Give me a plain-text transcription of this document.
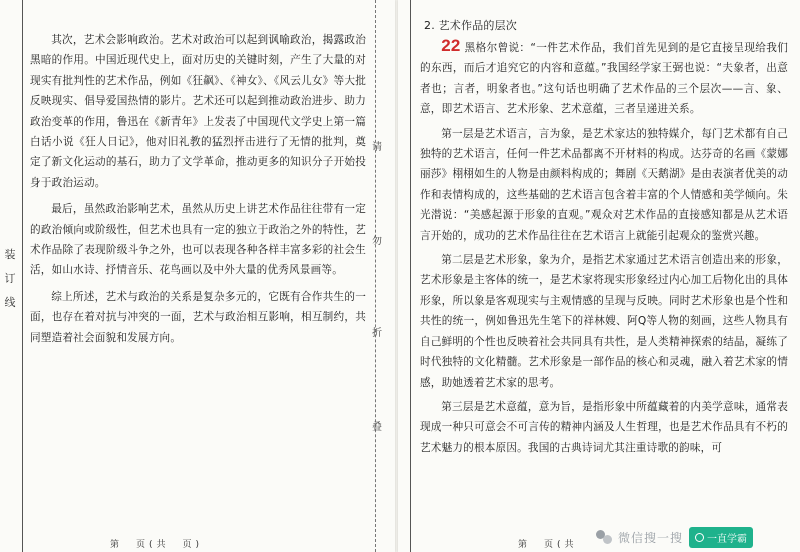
装
订
线

其次，艺术会影响政治。艺术对政治可以起到讽喻政治，揭露政治黑暗的作用。中国近现代史上，面对历史的关键时刻，产生了大量的对现实有批判性的艺术作品，例如《狂飙》、《神女》、《风云儿女》等大批反映现实、倡导爱国热情的影片。艺术还可以起到推动政治进步、助力政治变革的作用，鲁迅在《新青年》上发表了中国现代文学史上第一篇白话小说《狂人日记》，他对旧礼教的猛烈抨击进行了无情的批判，奠定了新文化运动的基石，助力了文学革命，推动更多的知识分子开始投身于政治运动。

最后，虽然政治影响艺术，虽然从历史上讲艺术作品往往带有一定的政治倾向或阶级性，但艺术也具有一定的独立于政治之外的特性，艺术作品除了表现阶级斗争之外，也可以表现各种各样丰富多彩的社会生活，如山水诗、抒情音乐、花鸟画以及中外大量的优秀风景画等。

综上所述，艺术与政治的关系是复杂多元的，它既有合作共生的一面，也存在着对抗与冲突的一面，艺术与政治相互影响，相互制约，共同塑造着社会面貌和发展方向。

第　页(共　页)
请
勿
折
叠
2. 艺术作品的层次

22 黑格尔曾说：“一件艺术作品，我们首先见到的是它直接呈现给我们的东西，而后才追究它的内容和意蕴。”我国经学家王弼也说：“夫象者，出意者也；言者，明象者也。”这句话也明确了艺术作品的三个层次——言、象、意，即艺术语言、艺术形象、艺术意蕴，三者呈递进关系。

第一层是艺术语言，言为象，是艺术家达的独特媒介，每门艺术都有自己独特的艺术语言，任何一件艺术品都离不开材料的构成。达芬奇的名画《蒙娜丽莎》栩栩如生的人物是由颜料构成的；舞剧《天鹅湖》是由表演者优美的动作和表情构成的，这些基础的艺术语言包含着丰富的个人情感和美学倾向。朱光潜说：“美感起源于形象的直观。”观众对艺术作品的直接感知都是从艺术语言开始的，成功的艺术作品往往在艺术语言上就能引起观众的鉴赏兴趣。

第二层是艺术形象，象为介，是指艺术家通过艺术语言创造出来的形象，艺术形象是主客体的统一，是艺术家将现实形象经过内心加工后物化出的具体形象，所以象是客观现实与主观情感的呈现与反映。同时艺术形象也是个性和共性的统一，例如鲁迅先生笔下的祥林嫂、阿Q等人物的刻画，这些人物具有自己鲜明的个性也反映着社会共同具有共性，是人类精神探索的结晶，凝练了时代独特的文化精髓。艺术形象是一部作品的核心和灵魂，融入着艺术家的情感，助她透着艺术家的思考。

第三层是艺术意蕴，意为旨，是指形象中所蕴藏着的内美学意味，通常表现成一种只可意会不可言传的精神内涵及人生哲理，也是艺术作品具有不朽的艺术魅力的根本原因。我国的古典诗词尤其注重诗歌的韵味，可

第　页(共
微信搜一搜 一直学霸
